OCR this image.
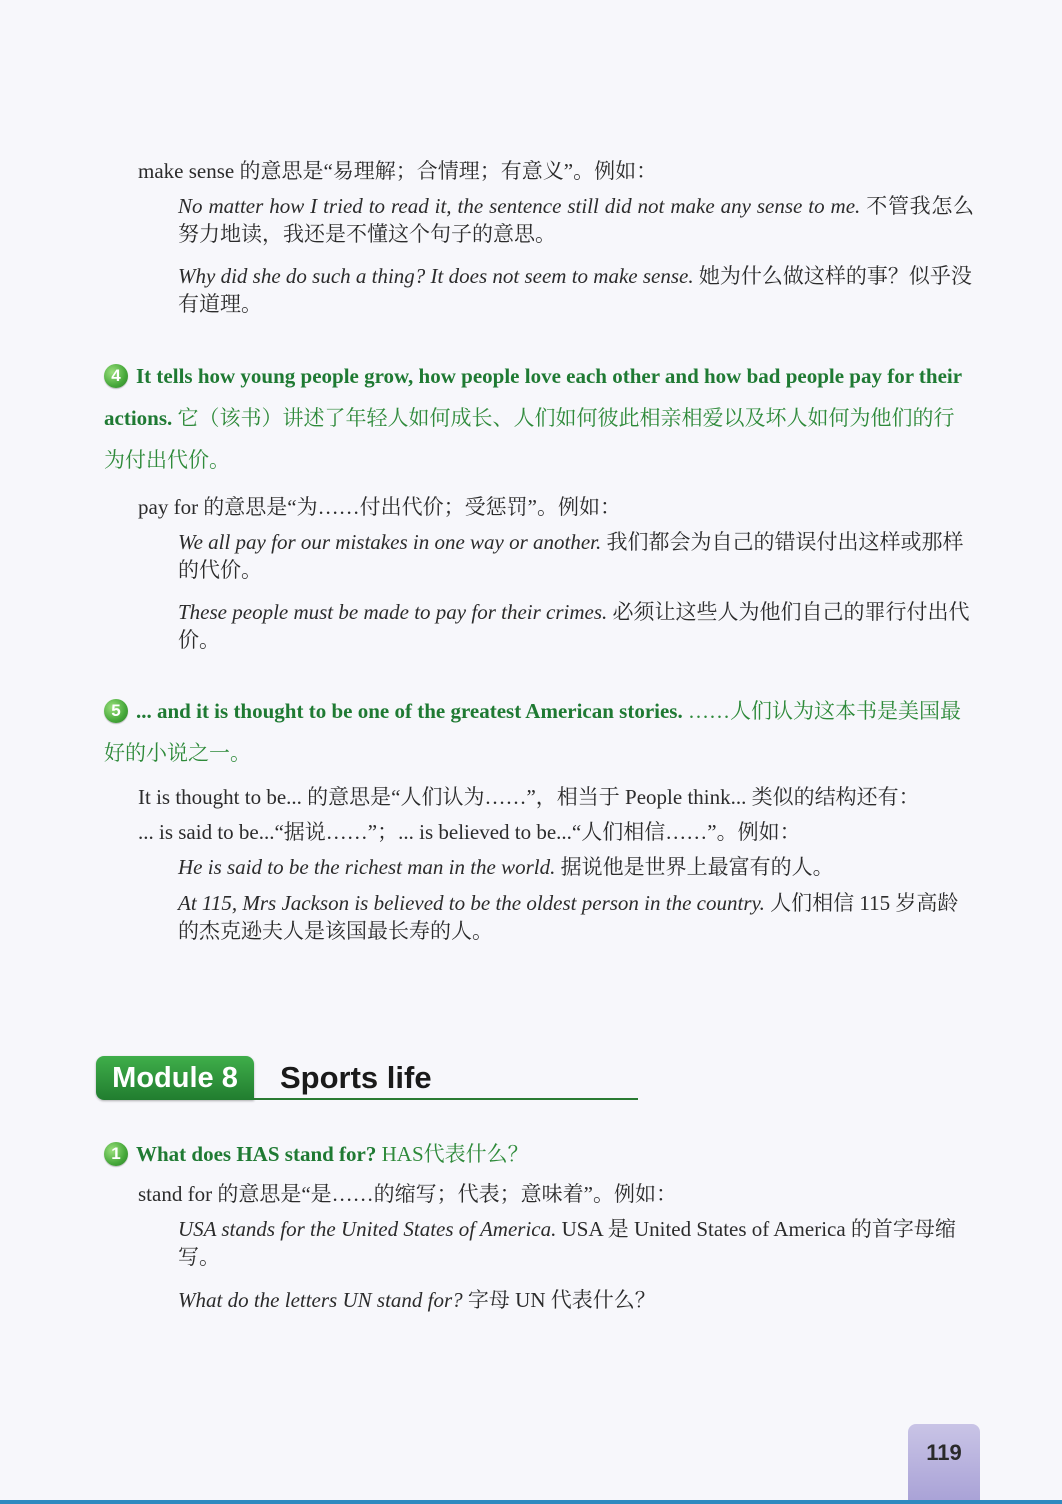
make sense 的意思是“易理解；合情理；有意义”。例如：
No matter how I tried to read it, the sentence still did not make any sense to me. 不管我怎么努力地读，我还是不懂这个句子的意思。
Why did she do such a thing? It does not seem to make sense. 她为什么做这样的事？似乎没有道理。
4 It tells how young people grow, how people love each other and how bad people pay for their actions. 它（该书）讲述了年轻人如何成长、人们如何彼此相亲相爱以及坏人如何为他们的行为付出代价。
pay for 的意思是“为……付出代价；受惩罚”。例如：
We all pay for our mistakes in one way or another. 我们都会为自己的错误付出这样或那样的代价。
These people must be made to pay for their crimes. 必须让这些人为他们自己的罪行付出代价。
5 ... and it is thought to be one of the greatest American stories. ……人们认为这本书是美国最好的小说之一。
It is thought to be... 的意思是“人们认为……”，相当于 People think... 类似的结构还有：
... is said to be...“据说……”；... is believed to be...“人们相信……”。例如：
He is said to be the richest man in the world. 据说他是世界上最富有的人。
At 115, Mrs Jackson is believed to be the oldest person in the country. 人们相信 115 岁高龄的杰克逊夫人是该国最长寿的人。
Module 8	Sports life
1 What does HAS stand for? HAS代表什么？
stand for 的意思是“是……的缩写；代表；意味着”。例如：
USA stands for the United States of America. USA 是 United States of America 的首字母缩写。
What do the letters UN stand for? 字母 UN 代表什么？
119
